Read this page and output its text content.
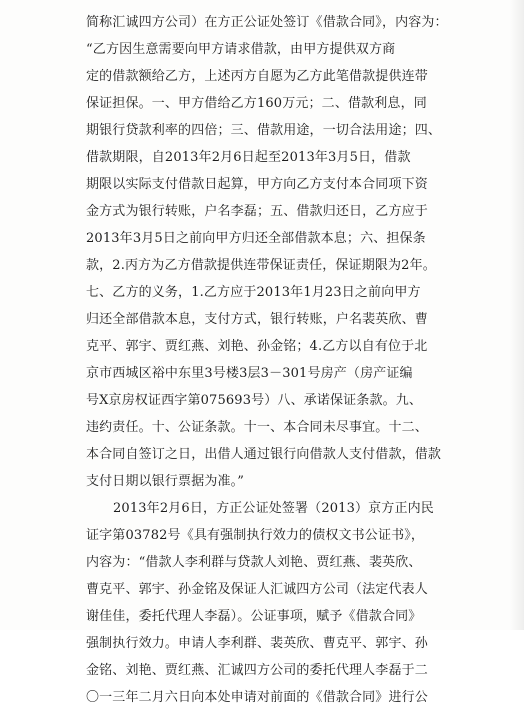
简称汇诚四方公司）在方正公证处签订《借款合同》，内容为：
“乙方因生意需要向甲方请求借款，由甲方提供双方商
定的借款额给乙方，上述丙方自愿为乙方此笔借款提供连带
保证担保。一、甲方借给乙方160万元；二、借款利息，同
期银行贷款利率的四倍；三、借款用途，一切合法用途；四、
借款期限，自2013年2月6日起至2013年3月5日，借款
期限以实际支付借款日起算，甲方向乙方支付本合同项下资
金方式为银行转账，户名李磊；五、借款归还日，乙方应于
2013年3月5日之前向甲方归还全部借款本息；六、担保条
款，2.丙方为乙方借款提供连带保证责任，保证期限为2年。
七、乙方的义务，1.乙方应于2013年1月23日之前向甲方
归还全部借款本息，支付方式，银行转账，户名裴英欣、曹
克平、郭宇、贾红燕、刘艳、孙金铭；4.乙方以自有位于北
京市西城区裕中东里3号楼3层3－301号房产（房产证编
号X京房权证西字第075693号）八、承诺保证条款。九、
违约责任。十、公证条款。十一、本合同未尽事宜。十二、
本合同自签订之日，出借人通过银行向借款人支付借款，借款
支付日期以银行票据为准。”
2013年2月6日，方正公证处签署（2013）京方正内民
证字第03782号《具有强制执行效力的债权文书公证书》，
内容为：“借款人李利群与贷款人刘艳、贾红燕、裴英欣、
曹克平、郭宇、孙金铭及保证人汇诚四方公司（法定代表人
谢佳佳，委托代理人李磊）。公证事项，赋予《借款合同》
强制执行效力。申请人李利群、裴英欣、曹克平、郭宇、孙
金铭、刘艳、贾红燕、汇诚四方公司的委托代理人李磊于二
〇一三年二月六日向本处申请对前面的《借款合同》进行公
